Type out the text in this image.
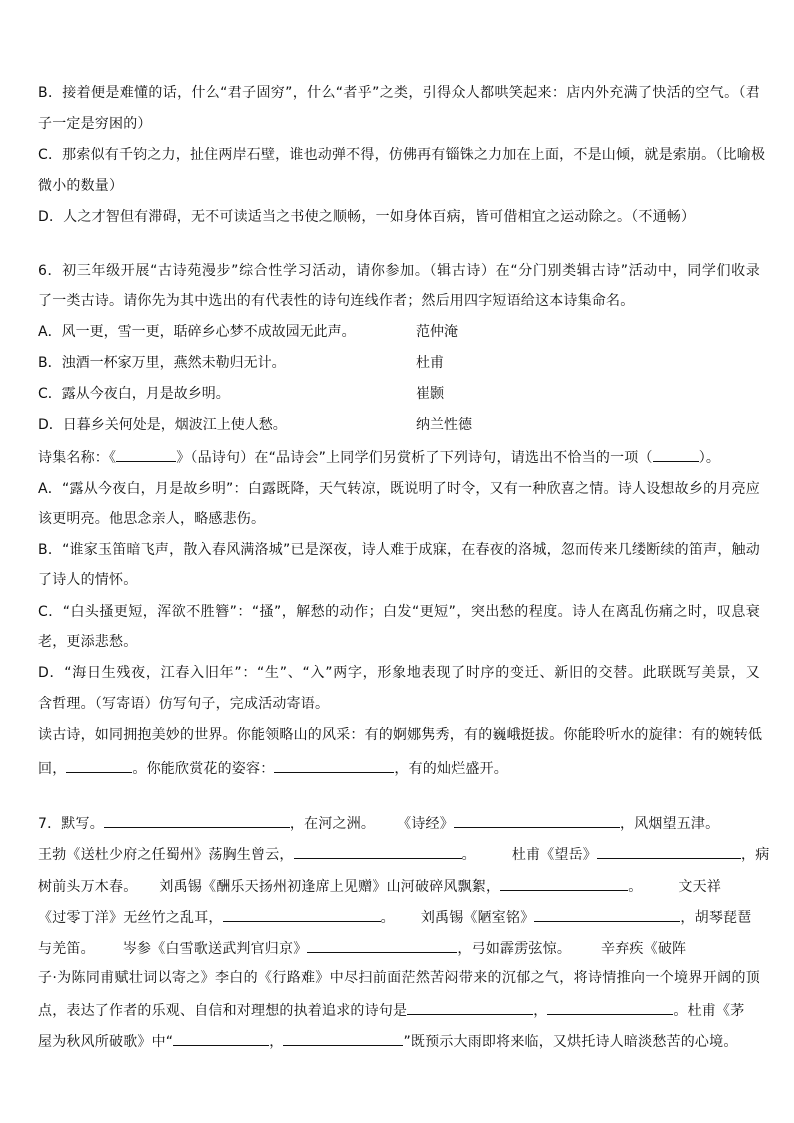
B．接着便是难懂的话，什么“君子固穷”，什么“者乎”之类，引得众人都哄笑起来：店内外充满了快活的空气。（君
子一定是穷困的）
C．那索似有千钧之力，扯住两岸石壁，谁也动弹不得，仿佛再有锱铢之力加在上面，不是山倾，就是索崩。（比喻极
微小的数量）
D．人之才智但有滞碍，无不可读适当之书使之顺畅，一如身体百病，皆可借相宜之运动除之。（不通畅）
6．初三年级开展“古诗苑漫步”综合性学习活动，请你参加。（辑古诗）在“分门别类辑古诗”活动中，同学们收录
了一类古诗。请你先为其中选出的有代表性的诗句连线作者；然后用四字短语给这本诗集命名。
A．风一更，雪一更，聒碎乡心梦不成故园无此声。	范仲淹
B．浊酒一杯家万里，燕然未勒归无计。	杜甫
C．露从今夜白，月是故乡明。	崔颢
D．日暮乡关何处是，烟波江上使人愁。	纳兰性德
诗集名称：《	》（品诗句）在“品诗会”上同学们另赏析了下列诗句，请选出不恰当的一项（	）。
A．“露从今夜白，月是故乡明”：白露既降，天气转凉，既说明了时令，又有一种欣喜之情。诗人设想故乡的月亮应
该更明亮。他思念亲人，略感悲伤。
B．“谁家玉笛暗飞声，散入春风满洛城”已是深夜，诗人难于成寐，在春夜的洛城，忽而传来几缕断续的笛声，触动
了诗人的情怀。
C．“白头搔更短，浑欲不胜簪”：“搔”，解愁的动作；白发“更短”，突出愁的程度。诗人在离乱伤痛之时，叹息衰
老，更添悲愁。
D．“海日生残夜，江春入旧年”：“生”、“入”两字，形象地表现了时序的变迁、新旧的交替。此联既写美景，又
含哲理。（写寄语）仿写句子，完成活动寄语。
读古诗，如同拥抱美妙的世界。你能领略山的风采：有的婀娜隽秀，有的巍峨挺拔。你能聆听水的旋律：有的婉转低
回，	。你能欣赏花的姿容：	，有的灿烂盛开。
7．默写。	，在河之洲。 《诗经》	，风烟望五津。
王勃《送杜少府之任蜀州》荡胸生曾云，	。	杜甫《望岳》	，病
树前头万木春。 刘禹锡《酬乐天扬州初逢席上见赠》山河破碎风飘絮，	。	文天祥
《过零丁洋》无丝竹之乱耳，	。 刘禹锡《陋室铭》	，胡琴琵琶
与羌笛。 岑参《白雪歌送武判官归京》	，弓如霹雳弦惊。 辛弃疾《破阵
子·为陈同甫赋壮词以寄之》李白的《行路难》中尽扫前面茫然苦闷带来的沉郁之气，将诗情推向一个境界开阔的顶
点，表达了作者的乐观、自信和对理想的执着追求的诗句是	，	。杜甫《茅
屋为秋风所破歌》中“	，	”既预示大雨即将来临，又烘托诗人暗淡愁苦的心境。
